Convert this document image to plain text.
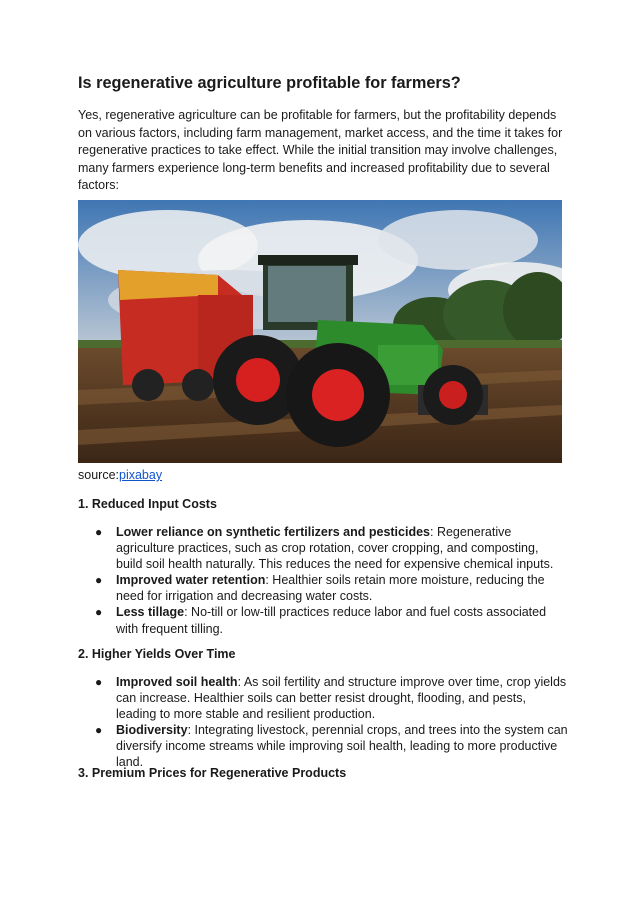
Is regenerative agriculture profitable for farmers?

Yes, regenerative agriculture can be profitable for farmers, but the profitability depends on various factors, including farm management, market access, and the time it takes for regenerative practices to take effect. While the initial transition may involve challenges, many farmers experience long-term benefits and increased profitability due to several factors:

source:pixabay

1. Reduced Input Costs
● Lower reliance on synthetic fertilizers and pesticides: Regenerative agriculture practices, such as crop rotation, cover cropping, and composting, build soil health naturally. This reduces the need for expensive chemical inputs.
● Improved water retention: Healthier soils retain more moisture, reducing the need for irrigation and decreasing water costs.
● Less tillage: No-till or low-till practices reduce labor and fuel costs associated with frequent tilling.
2. Higher Yields Over Time
● Improved soil health: As soil fertility and structure improve over time, crop yields can increase. Healthier soils can better resist drought, flooding, and pests, leading to more stable and resilient production.
● Biodiversity: Integrating livestock, perennial crops, and trees into the system can diversify income streams while improving soil health, leading to more productive land.
3. Premium Prices for Regenerative Products
